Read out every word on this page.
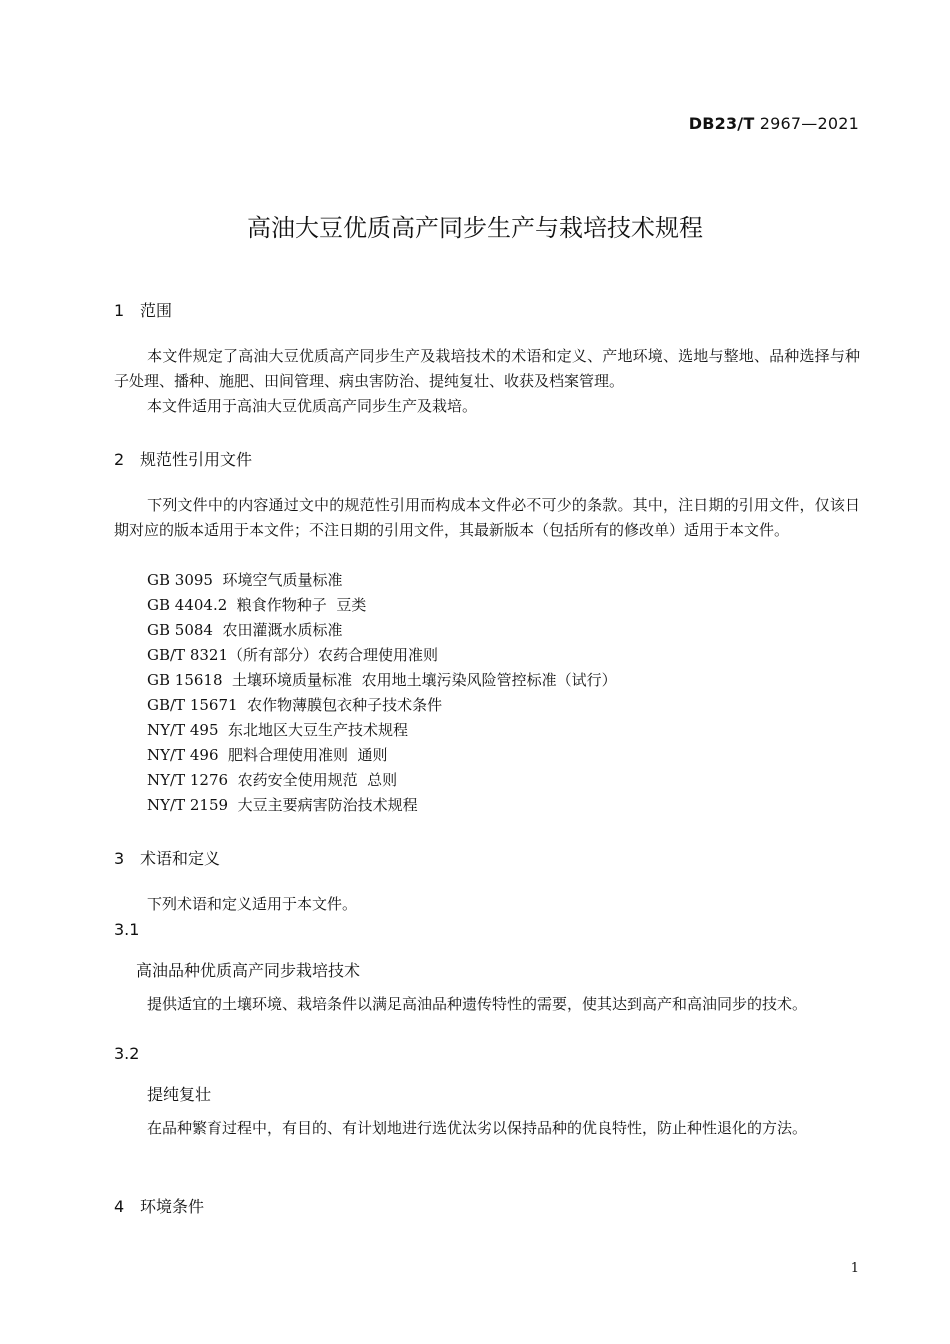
DB23/T 2967—2021
高油大豆优质高产同步生产与栽培技术规程
1 范围
本文件规定了高油大豆优质高产同步生产及栽培技术的术语和定义、产地环境、选地与整地、品种选择与种子处理、播种、施肥、田间管理、病虫害防治、提纯复壮、收获及档案管理。
本文件适用于高油大豆优质高产同步生产及栽培。
2 规范性引用文件
下列文件中的内容通过文中的规范性引用而构成本文件必不可少的条款。其中，注日期的引用文件，仅该日期对应的版本适用于本文件；不注日期的引用文件，其最新版本（包括所有的修改单）适用于本文件。
GB 3095  环境空气质量标准
GB 4404.2  粮食作物种子  豆类
GB 5084  农田灌溉水质标准
GB/T 8321（所有部分）农药合理使用准则
GB 15618  土壤环境质量标准  农用地土壤污染风险管控标准（试行）
GB/T 15671  农作物薄膜包衣种子技术条件
NY/T 495  东北地区大豆生产技术规程
NY/T 496  肥料合理使用准则  通则
NY/T 1276  农药安全使用规范  总则
NY/T 2159  大豆主要病害防治技术规程
3 术语和定义
下列术语和定义适用于本文件。
3.1
高油品种优质高产同步栽培技术
提供适宜的土壤环境、栽培条件以满足高油品种遗传特性的需要，使其达到高产和高油同步的技术。
3.2
提纯复壮
在品种繁育过程中，有目的、有计划地进行选优汰劣以保持品种的优良特性，防止种性退化的方法。
4 环境条件
1
